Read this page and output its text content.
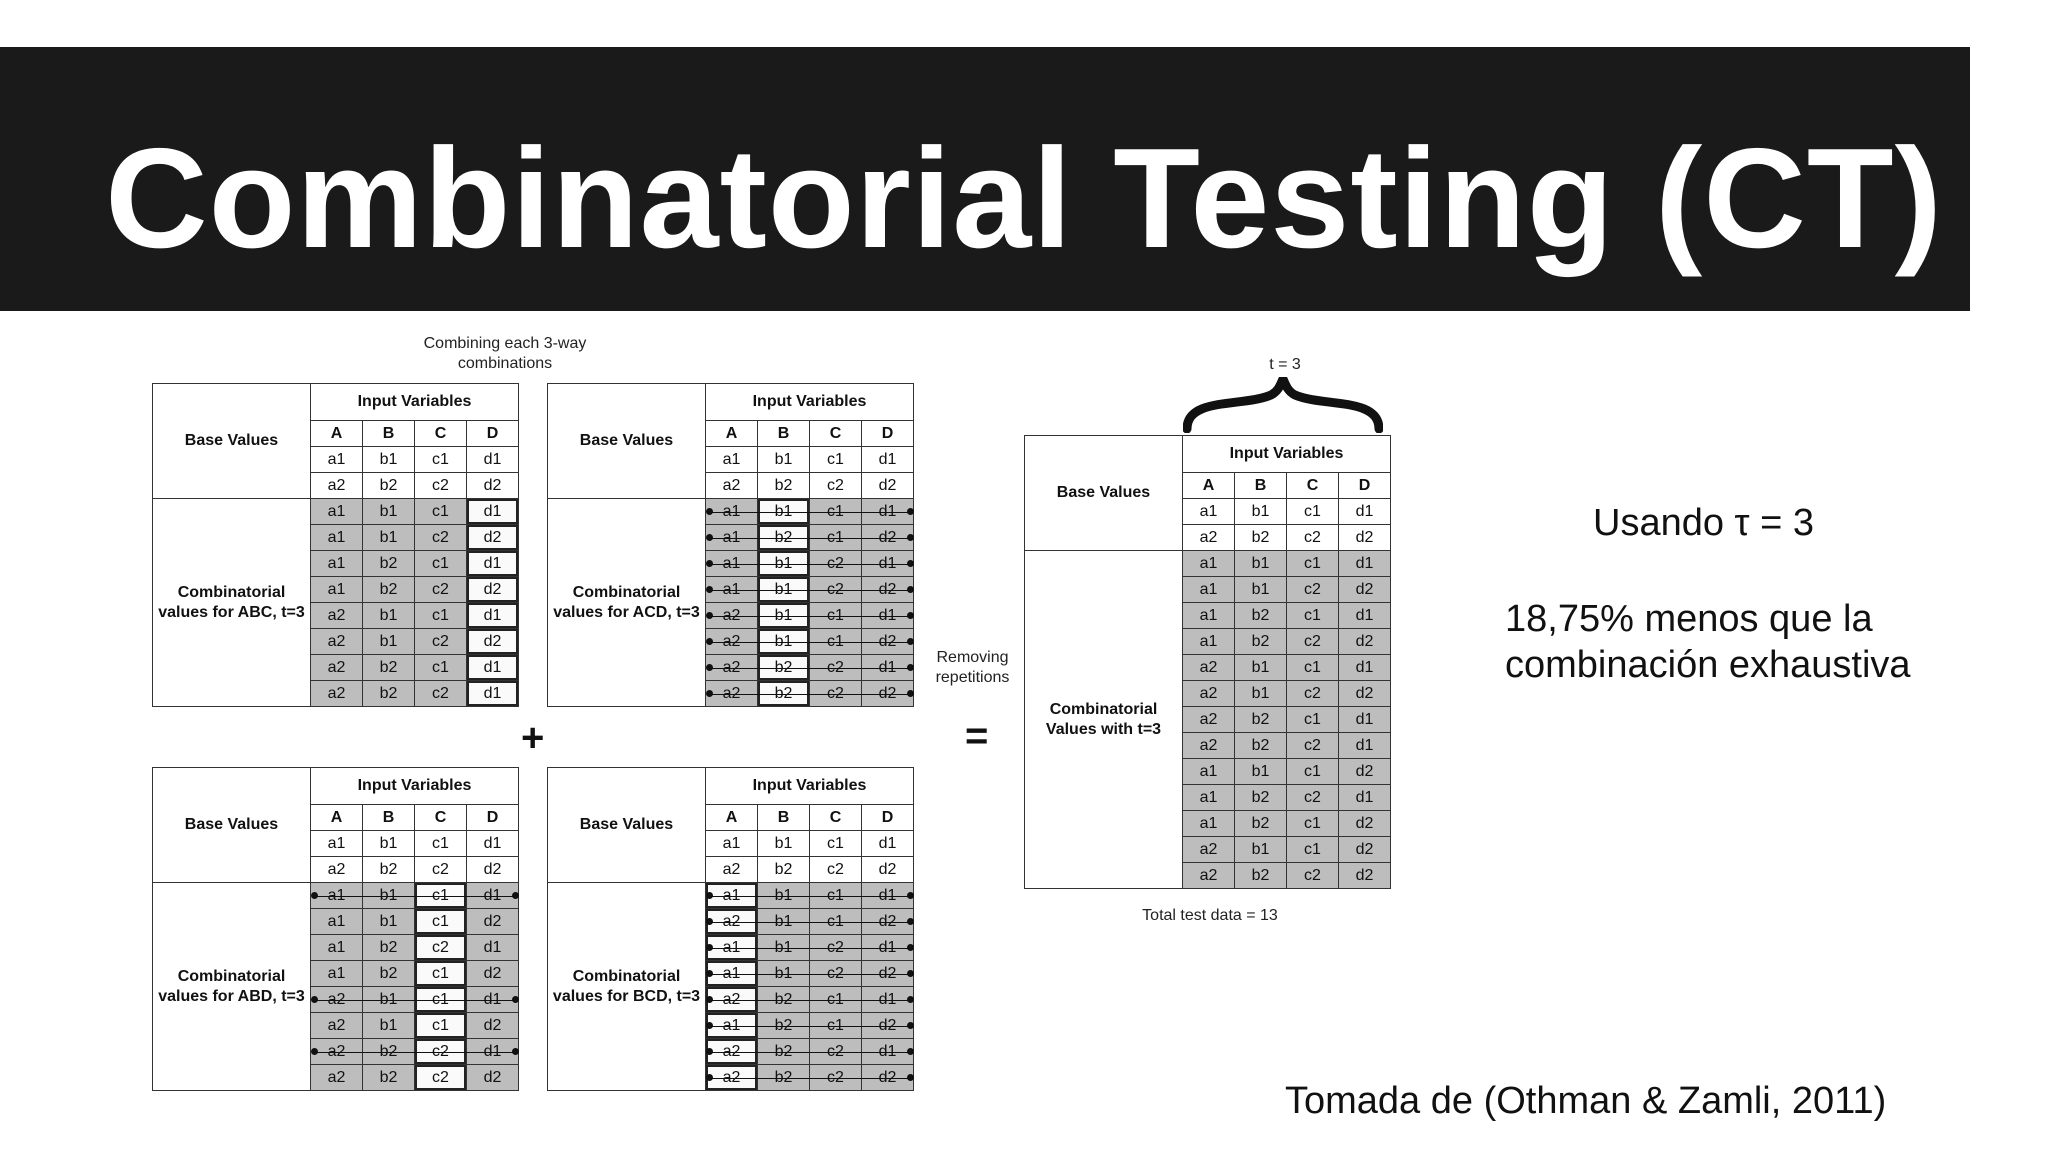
Combinatorial Testing (CT)
Combining each 3-way combinations
Removing repetitions
t = 3
Total test data = 13
+	=
Base Values	Input Variables			
	A	B	C	D
	a1	b1	c1	d1
	a2	b2	c2	d2
Combinatorial values for ABC, t=3	a1	b1	c1	d1
	a1	b1	c2	d2
	a1	b2	c1	d1
	a1	b2	c2	d2
	a2	b1	c1	d1
	a2	b1	c2	d2
	a2	b2	c1	d1
	a2	b2	c2	d1
Base Values	Input Variables			
	A	B	C	D
	a1	b1	c1	d1
	a2	b2	c2	d2
Combinatorial values for ACD, t=3	a1	b1	c1	d1
	a1	b2	c1	d2
	a1	b1	c2	d1
	a1	b1	c2	d2
	a2	b1	c1	d1
	a2	b1	c1	d2
	a2	b2	c2	d1
	a2	b2	c2	d2
Base Values	Input Variables			
	A	B	C	D
	a1	b1	c1	d1
	a2	b2	c2	d2
Combinatorial values for ABD, t=3	a1	b1	c1	d1
	a1	b1	c1	d2
	a1	b2	c2	d1
	a1	b2	c1	d2
	a2	b1	c1	d1
	a2	b1	c1	d2
	a2	b2	c2	d1
	a2	b2	c2	d2
Base Values	Input Variables			
	A	B	C	D
	a1	b1	c1	d1
	a2	b2	c2	d2
Combinatorial values for BCD, t=3	a1	b1	c1	d1
	a2	b1	c1	d2
	a1	b1	c2	d1
	a1	b1	c2	d2
	a2	b2	c1	d1
	a1	b2	c1	d2
	a2	b2	c2	d1
	a2	b2	c2	d2
Base Values	Input Variables			
	A	B	C	D
	a1	b1	c1	d1
	a2	b2	c2	d2
Combinatorial Values with t=3	a1	b1	c1	d1
	a1	b1	c2	d2
	a1	b2	c1	d1
	a1	b2	c2	d2
	a2	b1	c1	d1
	a2	b1	c2	d2
	a2	b2	c1	d1
	a2	b2	c2	d1
	a1	b1	c1	d2
	a1	b2	c2	d1
	a1	b2	c1	d2
	a2	b1	c1	d2
	a2	b2	c2	d2
Usando τ = 3
18,75% menos que la
combinación exhaustiva
Tomada de (Othman & Zamli, 2011)
